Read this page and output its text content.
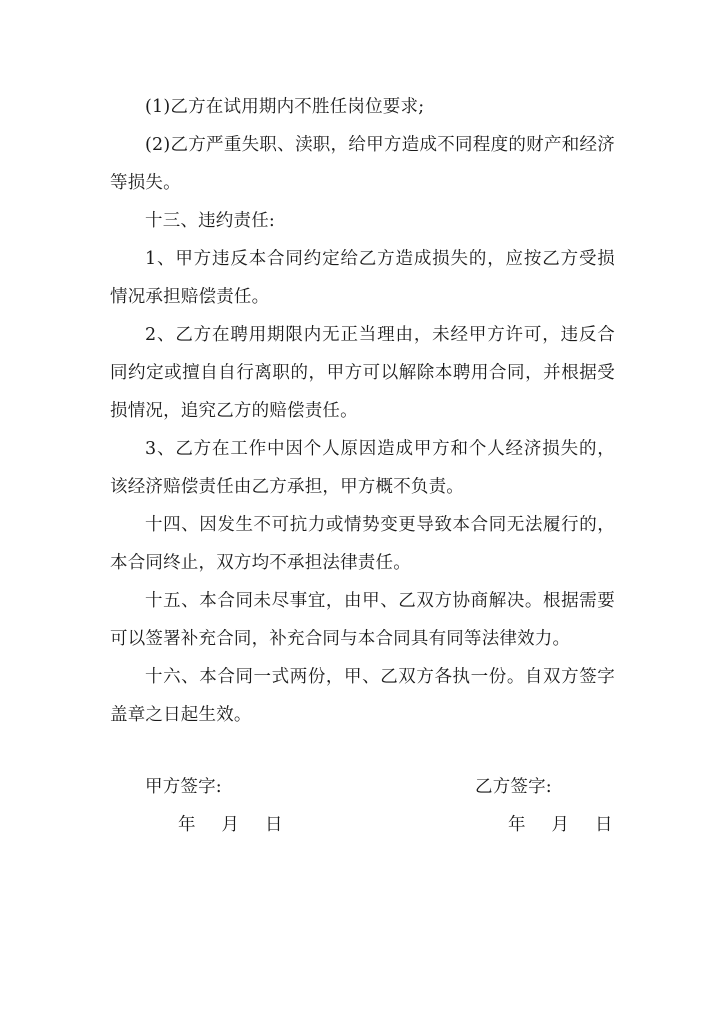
(1)乙方在试用期内不胜任岗位要求;

(2)乙方严重失职、渎职，给甲方造成不同程度的财产和经济等损失。

十三、违约责任:

1、甲方违反本合同约定给乙方造成损失的，应按乙方受损情况承担赔偿责任。

2、乙方在聘用期限内无正当理由，未经甲方许可，违反合同约定或擅自自行离职的，甲方可以解除本聘用合同，并根据受损情况，追究乙方的赔偿责任。

3、乙方在工作中因个人原因造成甲方和个人经济损失的，该经济赔偿责任由乙方承担，甲方概不负责。

十四、因发生不可抗力或情势变更导致本合同无法履行的，本合同终止，双方均不承担法律责任。

十五、本合同未尽事宜，由甲、乙双方协商解决。根据需要可以签署补充合同，补充合同与本合同具有同等法律效力。

十六、本合同一式两份，甲、乙双方各执一份。自双方签字盖章之日起生效。

甲方签字:	乙方签字:
年 月 日	年 月 日
